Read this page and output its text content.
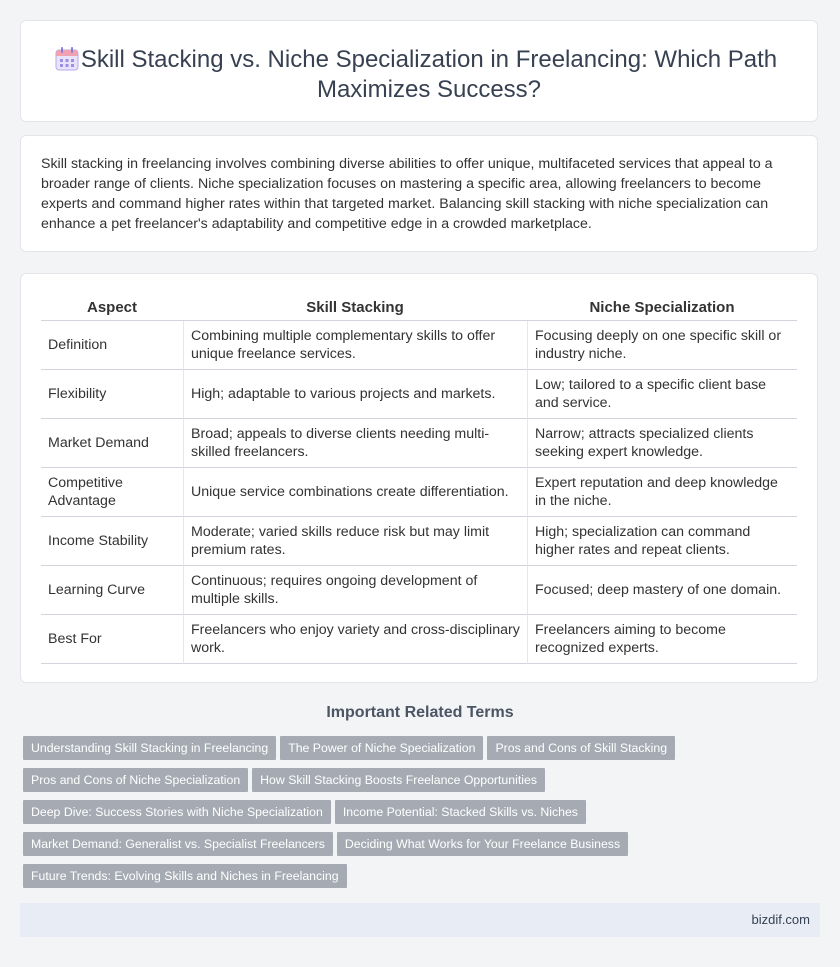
Skill Stacking vs. Niche Specialization in Freelancing: Which Path Maximizes Success?

Skill stacking in freelancing involves combining diverse abilities to offer unique, multifaceted services that appeal to a broader range of clients. Niche specialization focuses on mastering a specific area, allowing freelancers to become experts and command higher rates within that targeted market. Balancing skill stacking with niche specialization can enhance a pet freelancer's adaptability and competitive edge in a crowded marketplace.

Aspect	Skill Stacking	Niche Specialization
Definition	Combining multiple complementary skills to offer unique freelance services.	Focusing deeply on one specific skill or industry niche.
Flexibility	High; adaptable to various projects and markets.	Low; tailored to a specific client base and service.
Market Demand	Broad; appeals to diverse clients needing multi-skilled freelancers.	Narrow; attracts specialized clients seeking expert knowledge.
Competitive Advantage	Unique service combinations create differentiation.	Expert reputation and deep knowledge in the niche.
Income Stability	Moderate; varied skills reduce risk but may limit premium rates.	High; specialization can command higher rates and repeat clients.
Learning Curve	Continuous; requires ongoing development of multiple skills.	Focused; deep mastery of one domain.
Best For	Freelancers who enjoy variety and cross-disciplinary work.	Freelancers aiming to become recognized experts.
Important Related Terms
Understanding Skill Stacking in Freelancing The Power of Niche Specialization Pros and Cons of Skill Stacking
Pros and Cons of Niche Specialization How Skill Stacking Boosts Freelance Opportunities
Deep Dive: Success Stories with Niche Specialization Income Potential: Stacked Skills vs. Niches
Market Demand: Generalist vs. Specialist Freelancers Deciding What Works for Your Freelance Business
Future Trends: Evolving Skills and Niches in Freelancing
bizdif.com
